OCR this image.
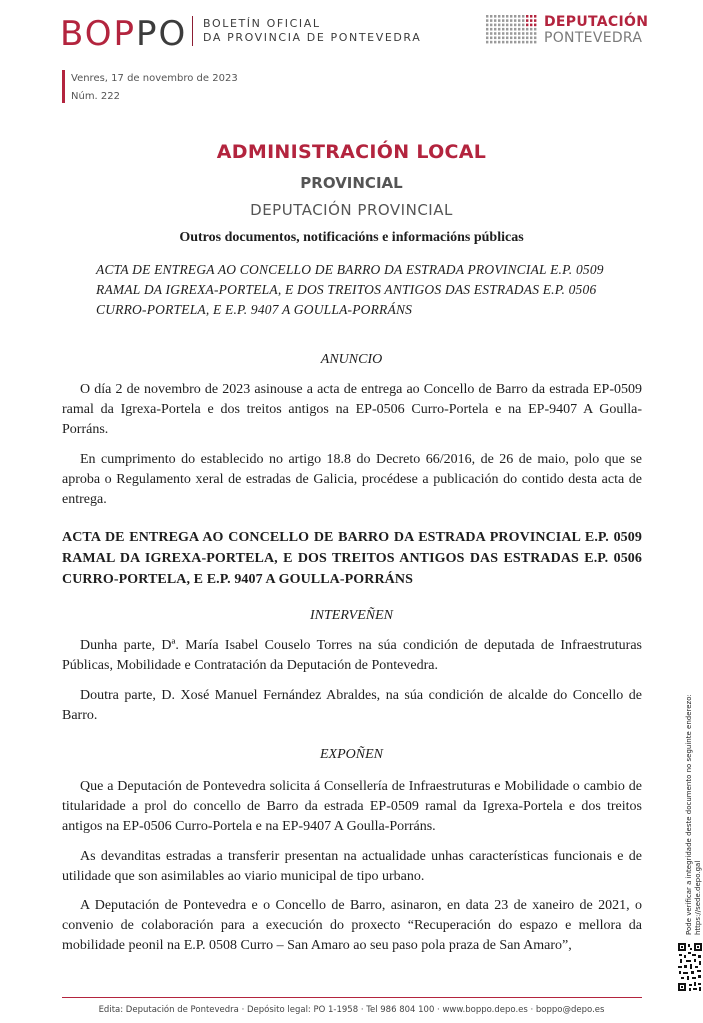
BOPPO BOLETÍN OFICIAL
DA PROVINCIA DE PONTEVEDRA
DEPUTACIÓN
PONTEVEDRA
Venres, 17 de novembro de 2023
Núm. 222
ADMINISTRACIÓN LOCAL
PROVINCIAL
DEPUTACIÓN PROVINCIAL
Outros documentos, notificacións e informacións públicas
ACTA DE ENTREGA AO CONCELLO DE BARRO DA ESTRADA PROVINCIAL E.P. 0509 RAMAL DA IGREXA-PORTELA, E DOS TREITOS ANTIGOS DAS ESTRADAS E.P. 0506 CURRO-PORTELA, E E.P. 9407 A GOULLA-PORRÁNS
ANUNCIO
O día 2 de novembro de 2023 asinouse a acta de entrega ao Concello de Barro da estrada EP-0509 ramal da Igrexa-Portela e dos treitos antigos na EP-0506 Curro-Portela e na EP-9407 A Goulla-Porráns.
En cumprimento do establecido no artigo 18.8 do Decreto 66/2016, de 26 de maio, polo que se aproba o Regulamento xeral de estradas de Galicia, procédese a publicación do contido desta acta de entrega.
ACTA DE ENTREGA AO CONCELLO DE BARRO DA ESTRADA PROVINCIAL E.P. 0509 RAMAL DA IGREXA-PORTELA, E DOS TREITOS ANTIGOS DAS ESTRADAS E.P. 0506 CURRO-PORTELA, E E.P. 9407 A GOULLA-PORRÁNS
INTERVEÑEN
Dunha parte, Dª. María Isabel Couselo Torres na súa condición de deputada de Infraestruturas Públicas, Mobilidade e Contratación da Deputación de Pontevedra.
Doutra parte, D. Xosé Manuel Fernández Abraldes, na súa condición de alcalde do Concello de Barro.
EXPOÑEN
Que a Deputación de Pontevedra solicita á Consellería de Infraestruturas e Mobilidade o cambio de titularidade a prol do concello de Barro da estrada EP-0509 ramal da Igrexa-Portela e dos treitos antigos na EP-0506 Curro-Portela e na EP-9407 A Goulla-Porráns.
As devanditas estradas a transferir presentan na actualidade unhas características funcionais e de utilidade que son asimilables ao viario municipal de tipo urbano.
A Deputación de Pontevedra e o Concello de Barro, asinaron, en data 23 de xaneiro de 2021, o convenio de colaboración para a execución do proxecto “Recuperación do espazo e mellora da mobilidade peonil na E.P. 0508 Curro – San Amaro ao seu paso pola praza de San Amaro”,
Pode verificar a integridade deste documento no seguinte enderezo: https://sede.depo.gal
Edita: Deputación de Pontevedra · Depósito legal: PO 1-1958 · Tel 986 804 100 · www.boppo.depo.es · boppo@depo.es
